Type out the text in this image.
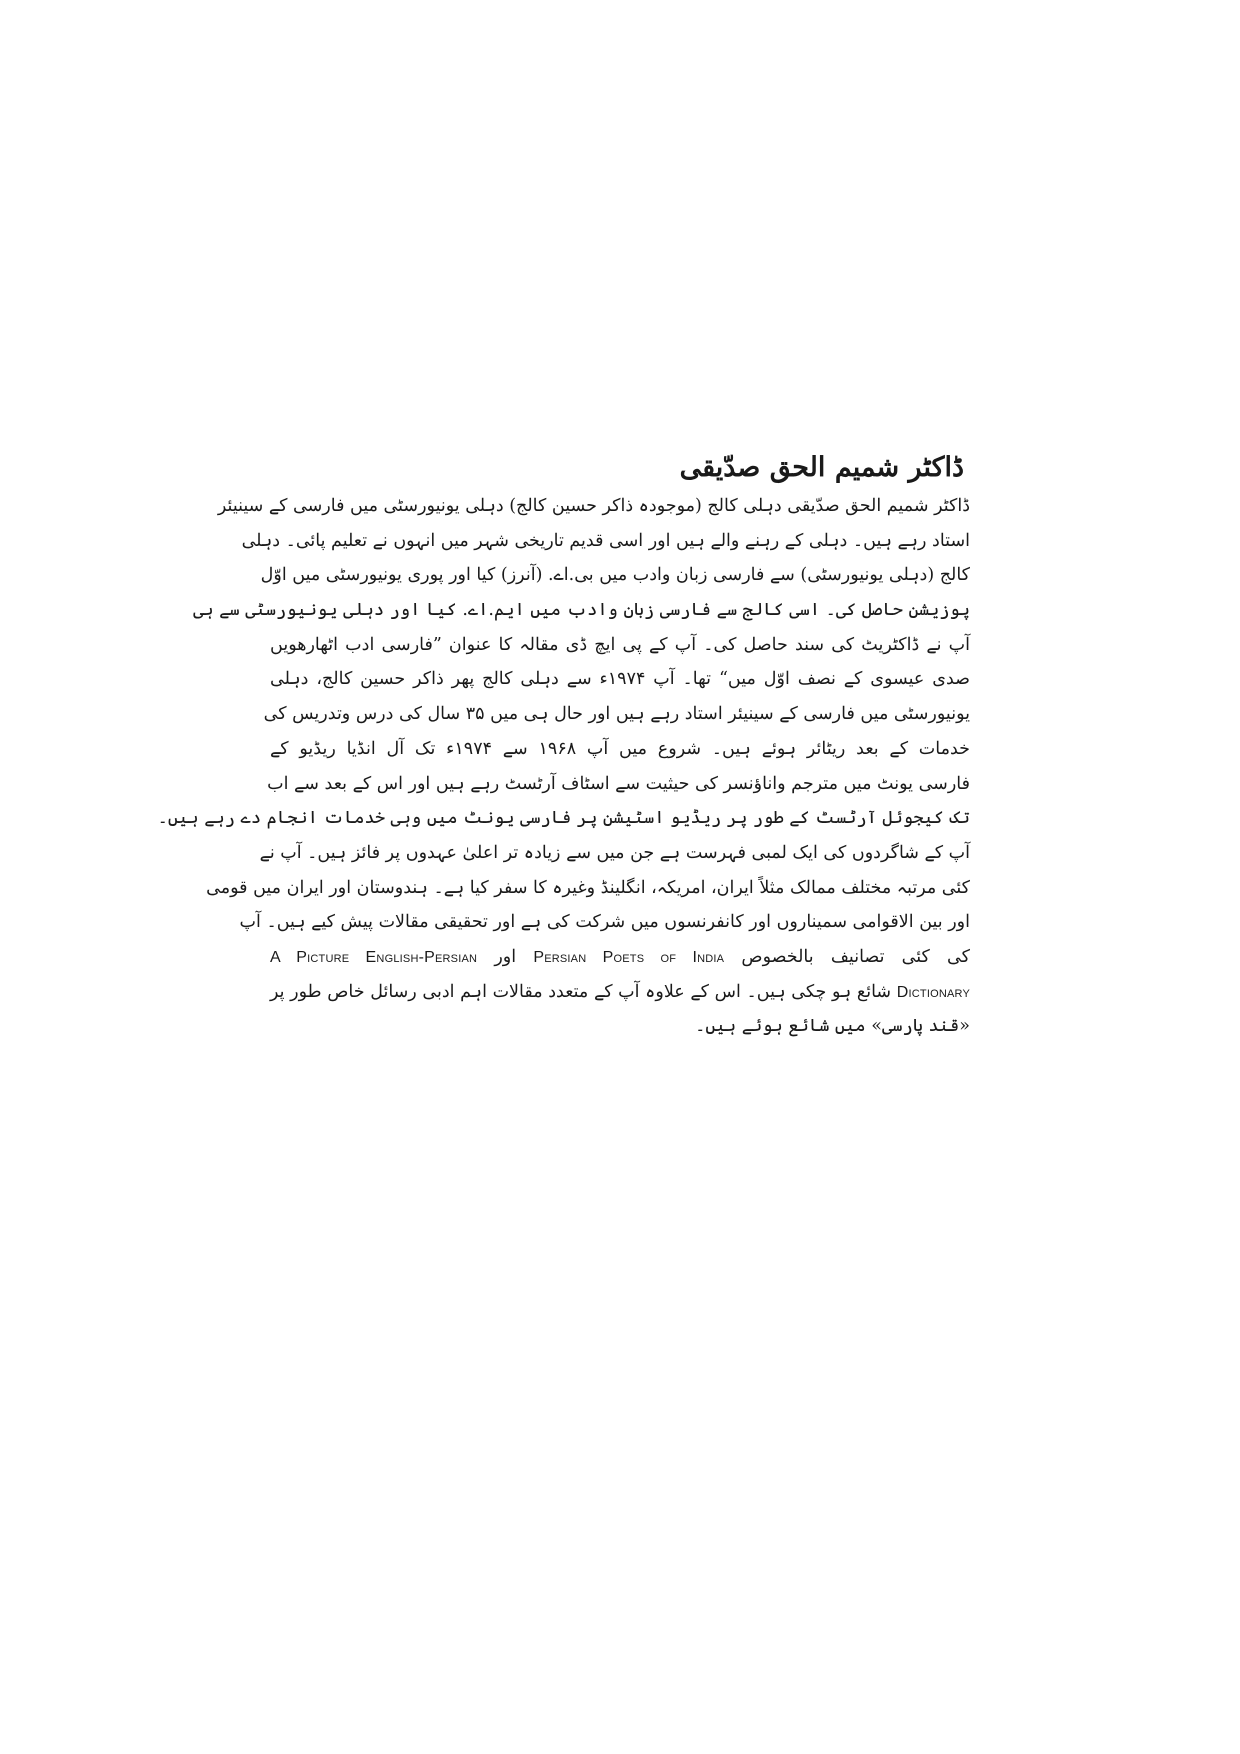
ڈاکٹر شمیم الحق صدّیقی
ڈاکٹر شمیم الحق صدّیقی دہلی کالج (موجودہ ذاکر حسین کالج) دہلی یونیورسٹی میں فارسی کے سینیئر
استاد رہے ہیں۔ دہلی کے رہنے والے ہیں اور اسی قدیم تاریخی شہر میں انہوں نے تعلیم پائی۔ دہلی
کالج (دہلی یونیورسٹی) سے فارسی زبان وادب میں بی.اے. (آنرز) کیا اور پوری یونیورسٹی میں اوّل
پوزیشن حاصل کی۔ اسی کالج سے فارسی زبان وادب میں ایم.اے. کیا اور دہلی یونیورسٹی سے ہی
آپ نے ڈاکٹریٹ کی سند حاصل کی۔ آپ کے پی ایچ ڈی مقالہ کا عنوان ”فارسی ادب اٹھارھویں
صدی عیسوی کے نصف اوّل میں“ تھا۔ آپ ۱۹۷۴ء سے دہلی کالج پھر ذاکر حسین کالج، دہلی
یونیورسٹی میں فارسی کے سینیئر استاد رہے ہیں اور حال ہی میں ۳۵ سال کی درس وتدریس کی
خدمات کے بعد ریٹائر ہوئے ہیں۔ شروع میں آپ ۱۹۶۸ سے ۱۹۷۴ء تک آل انڈیا ریڈیو کے
فارسی یونٹ میں مترجم واناؤنسر کی حیثیت سے اسٹاف آرٹسٹ رہے ہیں اور اس کے بعد سے اب
تک کیجوئل آرٹسٹ کے طور پر ریڈیو اسٹیشن پر فارسی یونٹ میں وہی خدمات انجام دے رہے ہیں۔
آپ کے شاگردوں کی ایک لمبی فہرست ہے جن میں سے زیادہ تر اعلیٰ عہدوں پر فائز ہیں۔ آپ نے
کئی مرتبہ مختلف ممالک مثلاً ایران، امریکہ، انگلینڈ وغیرہ کا سفر کیا ہے۔ ہندوستان اور ایران میں قومی
اور بین الاقوامی سمیناروں اور کانفرنسوں میں شرکت کی ہے اور تحقیقی مقالات پیش کیے ہیں۔ آپ
کی کئی تصانیف بالخصوص Persian Poets of India اور A Picture English-Persian
Dictionary شائع ہو چکی ہیں۔ اس کے علاوہ آپ کے متعدد مقالات اہم ادبی رسائل خاص طور پر
«قند پارسی» میں شائع ہوئے ہیں۔
